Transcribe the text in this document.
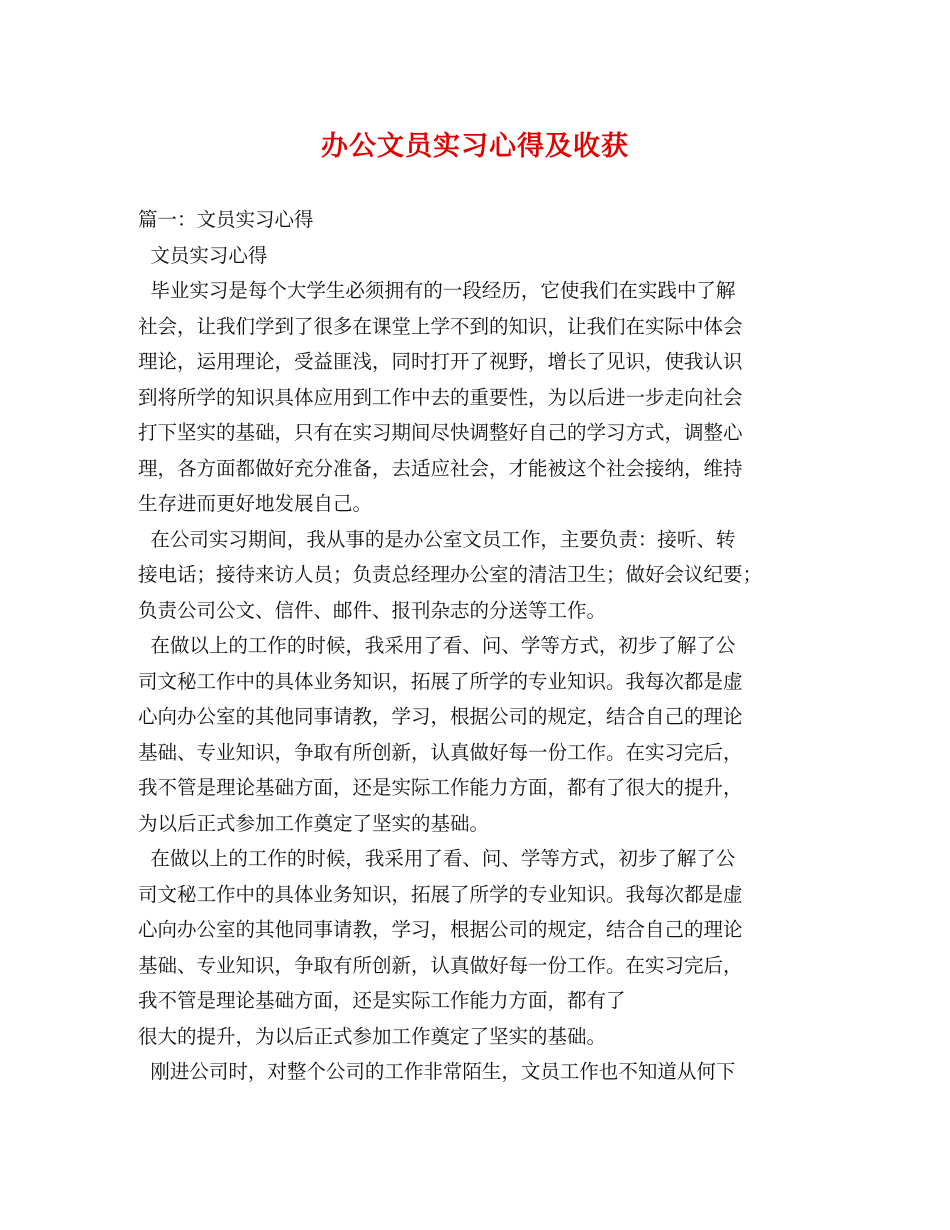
办公文员实习心得及收获
篇一：文员实习心得
文员实习心得
毕业实习是每个大学生必须拥有的一段经历，它使我们在实践中了解
社会，让我们学到了很多在课堂上学不到的知识，让我们在实际中体会
理论，运用理论，受益匪浅，同时打开了视野，增长了见识，使我认识
到将所学的知识具体应用到工作中去的重要性，为以后进一步走向社会
打下坚实的基础，只有在实习期间尽快调整好自己的学习方式，调整心
理，各方面都做好充分准备，去适应社会，才能被这个社会接纳，维持
生存进而更好地发展自己。
在公司实习期间，我从事的是办公室文员工作，主要负责：接听、转
接电话；接待来访人员；负责总经理办公室的清洁卫生；做好会议纪要；
负责公司公文、信件、邮件、报刊杂志的分送等工作。
在做以上的工作的时候，我采用了看、问、学等方式，初步了解了公
司文秘工作中的具体业务知识，拓展了所学的专业知识。我每次都是虚
心向办公室的其他同事请教，学习，根据公司的规定，结合自己的理论
基础、专业知识，争取有所创新，认真做好每一份工作。在实习完后，
我不管是理论基础方面，还是实际工作能力方面，都有了很大的提升，
为以后正式参加工作奠定了坚实的基础。
在做以上的工作的时候，我采用了看、问、学等方式，初步了解了公
司文秘工作中的具体业务知识，拓展了所学的专业知识。我每次都是虚
心向办公室的其他同事请教，学习，根据公司的规定，结合自己的理论
基础、专业知识，争取有所创新，认真做好每一份工作。在实习完后，
我不管是理论基础方面，还是实际工作能力方面，都有了
很大的提升，为以后正式参加工作奠定了坚实的基础。
刚进公司时，对整个公司的工作非常陌生，文员工作也不知道从何下
